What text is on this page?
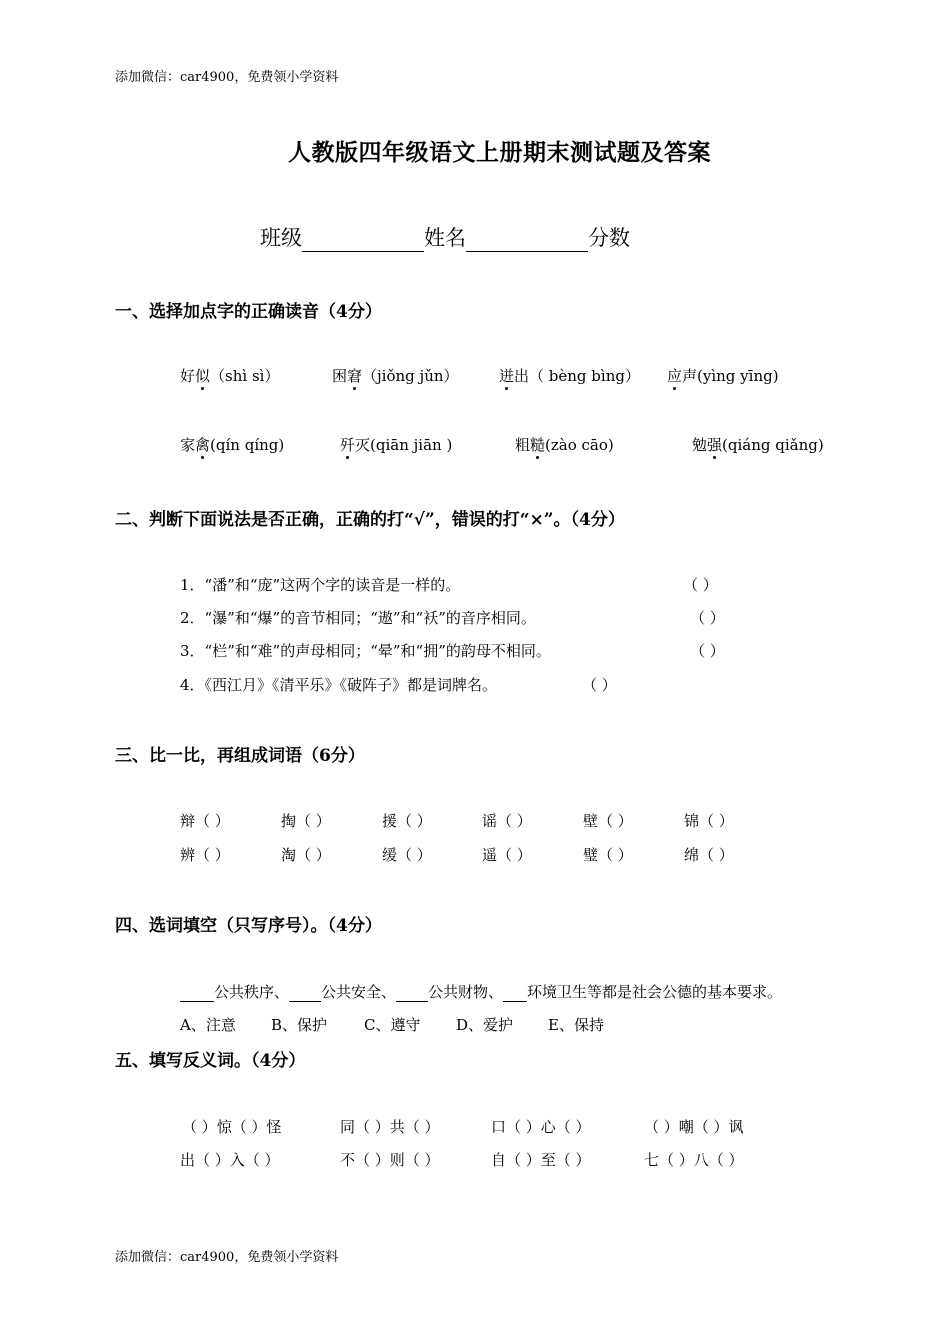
添加微信：car4900，免费领小学资料
人教版四年级语文上册期末测试题及答案
班级	姓名	分数
一、选择加点字的正确读音（4分）
好似（shì sì）	困窘（jiǒng jǔn）	迸出（ bèng bìng） 应声(yìng yīng)
家禽(qín qíng)	歼灭(qiān jiān )	粗糙(zào cāo)	勉强(qiáng qiǎng)
二、判断下面说法是否正确，正确的打“√”，错误的打“×”。（4分）
1．“潘”和“庞”这两个字的读音是一样的。	（ ）
2．“瀑”和“爆”的音节相同；“遨”和“袄”的音序相同。	（ ）
3．“栏”和“难”的声母相同；“晕”和“拥”的韵母不相同。	（ ）
4．《西江月》《清平乐》《破阵子》都是词牌名。	（ ）
三、比一比，再组成词语（6分）
辩（ ）	掏（ ）	援（ ）	谣（ ）	壁（ ）	锦（ ）
辨（ ）	淘（ ）	缓（ ）	遥（ ）	璧（ ）	绵（ ）
四、选词填空（只写序号）。（4分）
公共秩序、 公共安全、 公共财物、 环境卫生等都是社会公德的基本要求。
A、注意 B、保护 C、遵守 D、爱护 E、保持
五、填写反义词。（4分）
（ ）惊（ ）怪	同（ ）共（ ）	口（ ）心（ ）	（ ）嘲（ ）讽
出（ ）入（ ）	不（ ）则（ ）	自（ ）至（ ）	七（ ）八（ ）
添加微信：car4900，免费领小学资料
